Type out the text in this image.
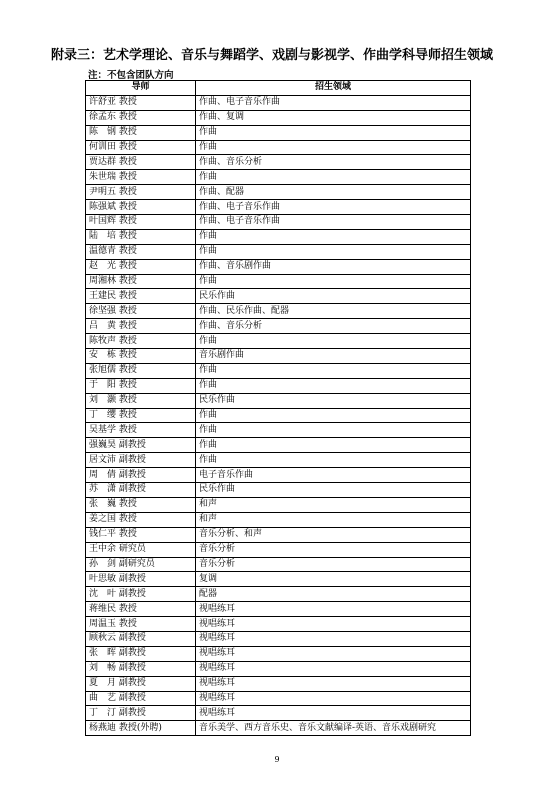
附录三：艺术学理论、音乐与舞蹈学、戏剧与影视学、作曲学科导师招生领域
注：不包含团队方向
导师	招生领域
许舒亚 教授	作曲、电子音乐作曲
徐孟东 教授	作曲、复调
陈　钢 教授	作曲
何训田 教授	作曲
贾达群 教授	作曲、音乐分析
朱世瑞 教授	作曲
尹明五 教授	作曲、配器
陈强斌 教授	作曲、电子音乐作曲
叶国辉 教授	作曲、电子音乐作曲
陆　培 教授	作曲
温德青 教授	作曲
赵　光 教授	作曲、音乐剧作曲
周湘林 教授	作曲
王建民 教授	民乐作曲
徐坚强 教授	作曲、民乐作曲、配器
吕　黄 教授	作曲、音乐分析
陈牧声 教授	作曲
安　栋 教授	音乐剧作曲
张旭儒 教授	作曲
于　阳 教授	作曲
刘　灏 教授	民乐作曲
丁　缨 教授	作曲
吴基学 教授	作曲
强巍昊 副教授	作曲
居文沛 副教授	作曲
周　倩 副教授	电子音乐作曲
苏　潇 副教授	民乐作曲
张　巍 教授	和声
姜之国 教授	和声
钱仁平 教授	音乐分析、和声
王中余 研究员	音乐分析
孙　剑 副研究员	音乐分析
叶思敏 副教授	复调
沈　叶 副教授	配器
蒋维民 教授	视唱练耳
周温玉 教授	视唱练耳
顾秋云 副教授	视唱练耳
张　晖 副教授	视唱练耳
刘　畅 副教授	视唱练耳
夏　月 副教授	视唱练耳
曲　艺 副教授	视唱练耳
丁　汀 副教授	视唱练耳
杨燕迪 教授(外聘)	音乐美学、西方音乐史、音乐文献编译-英语、音乐戏剧研究
9
